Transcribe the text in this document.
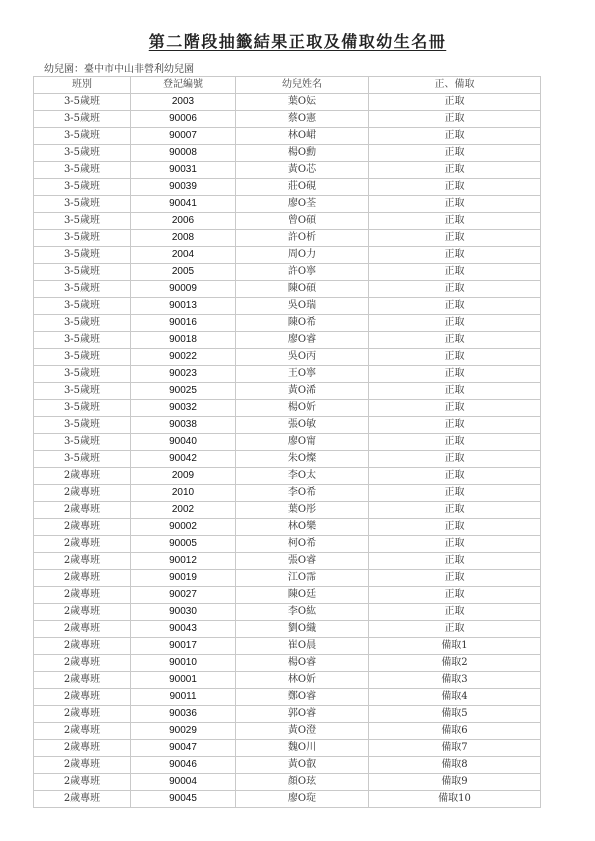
第二階段抽籤結果正取及備取幼生名冊
幼兒園：臺中市中山非營利幼兒園
班別	登記編號	幼兒姓名	正、備取
3-5歲班	2003	葉O妘	正取
3-5歲班	90006	蔡O憲	正取
3-5歲班	90007	林O峮	正取
3-5歲班	90008	楊O勳	正取
3-5歲班	90031	黃O芯	正取
3-5歲班	90039	莊O硯	正取
3-5歲班	90041	廖O荃	正取
3-5歲班	2006	曾O碩	正取
3-5歲班	2008	許O析	正取
3-5歲班	2004	周O力	正取
3-5歲班	2005	許O寧	正取
3-5歲班	90009	陳O碩	正取
3-5歲班	90013	吳O瑞	正取
3-5歲班	90016	陳O希	正取
3-5歲班	90018	廖O睿	正取
3-5歲班	90022	吳O丙	正取
3-5歲班	90023	王O寧	正取
3-5歲班	90025	黃O浠	正取
3-5歲班	90032	楊O妡	正取
3-5歲班	90038	張O敏	正取
3-5歲班	90040	廖O甯	正取
3-5歲班	90042	朱O燦	正取
2歲專班	2009	李O太	正取
2歲專班	2010	李O希	正取
2歲專班	2002	葉O彤	正取
2歲專班	90002	林O樂	正取
2歲專班	90005	柯O希	正取
2歲專班	90012	張O睿	正取
2歲專班	90019	江O霈	正取
2歲專班	90027	陳O廷	正取
2歲專班	90030	李O紘	正取
2歲專班	90043	劉O織	正取
2歲專班	90017	崔O晨	備取1
2歲專班	90010	楊O睿	備取2
2歲專班	90001	林O妡	備取3
2歲專班	90011	鄭O睿	備取4
2歲專班	90036	郭O睿	備取5
2歲專班	90029	黃O澄	備取6
2歲專班	90047	魏O川	備取7
2歲專班	90046	黃O叡	備取8
2歲專班	90004	顏O玹	備取9
2歲專班	90045	廖O琁	備取10
